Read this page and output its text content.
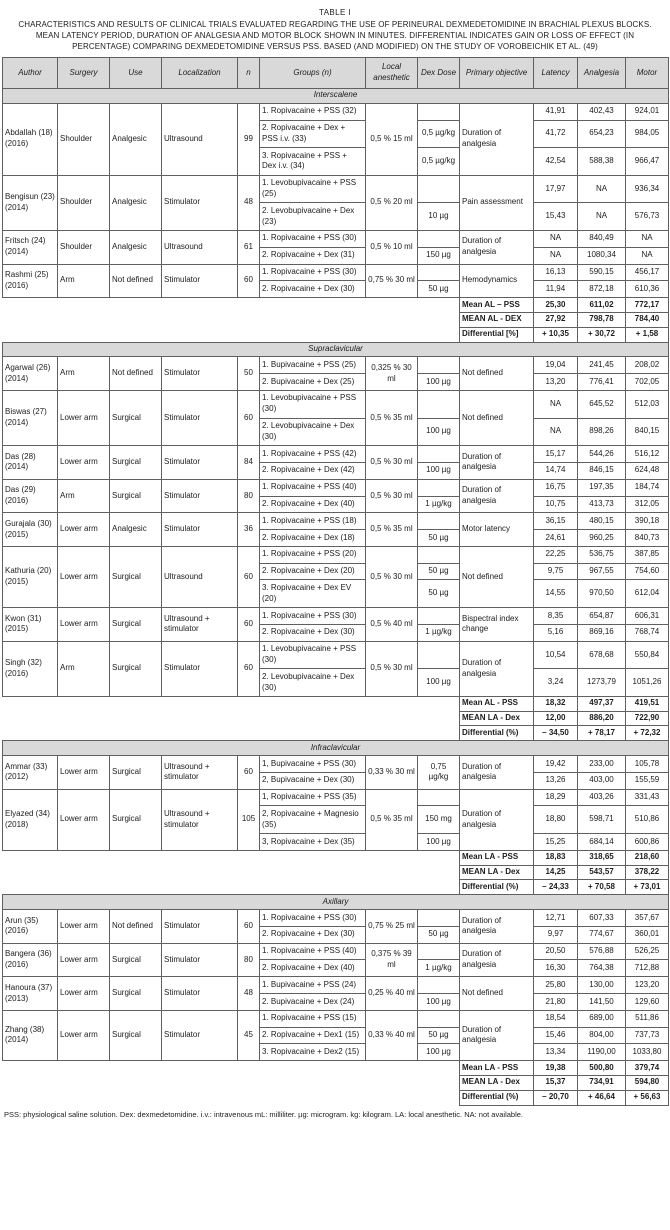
TABLE I
CHARACTERISTICS AND RESULTS OF CLINICAL TRIALS EVALUATED REGARDING THE USE OF PERINEURAL DEXMEDETOMIDINE IN BRACHIAL PLEXUS BLOCKS. MEAN LATENCY PERIOD, DURATION OF ANALGESIA AND MOTOR BLOCK SHOWN IN MINUTES. DIFFERENTIAL INDICATES GAIN OR LOSS OF EFFECT (IN PERCENTAGE) COMPARING DEXMEDETOMIDINE VERSUS PSS. BASED (AND MODIFIED) ON THE STUDY OF VOROBEICHIK ET AL. (49)
Author	Surgery	Use	Localization	n	Groups (n)	Local anesthetic	Dex Dose	Primary objective	Latency	Analgesia	Motor
Interscalene											
Abdallah (18) (2016)	Shoulder	Analgesic	Ultrasound	99	1. Ropivacaine + PSS (32)	0,5 % 15 ml		Duration of analgesia	41,91	402,43	924,01
					2. Ropivacaine + Dex + PSS i.v. (33)		0,5 µg/kg		41,72	654,23	984,05
					3. Ropivacaine + PSS + Dex i.v. (34)		0,5 µg/kg		42,54	588,38	966,47
Bengisun (23) (2014)	Shoulder	Analgesic	Stimulator	48	1. Levobupivacaine + PSS (25)	0,5 % 20 ml		Pain assessment	17,97	NA	936,34
					2. Levobupivacaine + Dex (23)		10 µg		15,43	NA	576,73
Fritsch (24) (2014)	Shoulder	Analgesic	Ultrasound	61	1. Ropivacaine + PSS (30)	0,5 % 10 ml		Duration of analgesia	NA	840,49	NA
					2. Ropivacaine + Dex (31)		150 µg		NA	1080,34	NA
Rashmi (25) (2016)	Arm	Not defined	Stimulator	60	1. Ropivacaine + PSS (30)	0,75 % 30 ml		Hemodynamics	16,13	590,15	456,17
					2. Ropivacaine + Dex (30)		50 µg		11,94	872,18	610,36
								Mean AL – PSS	25,30	611,02	772,17
								MEAN AL - DEX	27,92	798,78	784,40
								Differential [%]	+ 10,35	+ 30,72	+ 1,58
Supraclavicular											
Agarwal (26) (2014)	Arm	Not defined	Stimulator	50	1. Bupivacaine + PSS (25)	0,325 % 30 ml		Not defined	19,04	241,45	208,02
					2. Bupivacaine + Dex (25)		100 µg		13,20	776,41	702,05
Biswas (27) (2014)	Lower arm	Surgical	Stimulator	60	1. Levobupivacaine + PSS (30)	0,5 % 35 ml		Not defined	NA	645,52	512,03
					2. Levobupivacaine + Dex (30)		100 µg		NA	898,26	840,15
Das (28) (2014)	Lower arm	Surgical	Stimulator	84	1. Ropivacaine + PSS (42)	0,5 % 30 ml		Duration of analgesia	15,17	544,26	516,12
					2. Ropivacaine + Dex (42)		100 µg		14,74	846,15	624,48
Das (29) (2016)	Arm	Surgical	Stimulator	80	1. Ropivacaine + PSS (40)	0,5 % 30 ml		Duration of analgesia	16,75	197,35	184,74
					2. Ropivacaine + Dex (40)		1 µg/kg		10,75	413,73	312,05
Gurajala (30) (2015)	Lower arm	Analgesic	Stimulator	36	1. Ropivacaine + PSS (18)	0,5 % 35 ml		Motor latency	36,15	480,15	390,18
					2. Ropivacaine + Dex (18)		50 µg		24,61	960,25	840,73
Kathuria (20) (2015)	Lower arm	Surgical	Ultrasound	60	1. Ropivacaine + PSS (20)	0,5 % 30 ml		Not defined	22,25	536,75	387,85
					2. Ropivacaine + Dex (20)		50 µg		9,75	967,55	754,60
					3. Ropivacaine + Dex EV (20)		50 µg		14,55	970,50	612,04
Kwon (31) (2015)	Lower arm	Surgical	Ultrasound + stimulator	60	1. Ropivacaine + PSS (30)	0,5 % 40 ml		Bispectral index change	8,35	654,87	606,31
					2. Ropivacaine + Dex (30)		1 µg/kg		5,16	869,16	768,74
Singh (32) (2016)	Arm	Surgical	Stimulator	60	1. Levobupivacaine + PSS (30)	0,5 % 30 ml		Duration of analgesia	10,54	678,68	550,84
					2. Levobupivacaine + Dex (30)		100 µg		3,24	1273,79	1051,26
								Mean AL - PSS	18,32	497,37	419,51
								MEAN LA - Dex	12,00	886,20	722,90
								Differential (%)	– 34,50	+ 78,17	+ 72,32
Infraclavicular											
Ammar (33) (2012)	Lower arm	Surgical	Ultrasound + stimulator	60	1, Bupivacaine + PSS (30)	0,33 % 30 ml	0,75 µg/kg	Duration of analgesia	19,42	233,00	105,78
					2, Bupivacaine + Dex (30)				13,26	403,00	155,59
Elyazed (34) (2018)	Lower arm	Surgical	Ultrasound + stimulator	105	1, Ropivacaine + PSS (35)	0,5 % 35 ml		Duration of analgesia	18,29	403,26	331,43
					2, Ropivacaine + Magnesio (35)		150 mg		18,80	598,71	510,86
					3, Ropivacaine + Dex (35)		100 µg		15,25	684,14	600,86
								Mean LA - PSS	18,83	318,65	218,60
								MEAN LA - Dex	14,25	543,57	378,22
								Differential (%)	– 24,33	+ 70,58	+ 73,01
Axillary											
Arun (35) (2016)	Lower arm	Not defined	Stimulator	60	1. Ropivacaine + PSS (30)	0,75 % 25 ml		Duration of analgesia	12,71	607,33	357,67
					2. Ropivacaine + Dex (30)		50 µg		9,97	774,67	360,01
Bangera (36) (2016)	Lower arm	Surgical	Stimulator	80	1. Ropivacaine + PSS (40)	0,375 % 39 ml		Duration of analgesia	20,50	576,88	526,25
					2. Ropivacaine + Dex (40)		1 µg/kg		16,30	764,38	712,88
Hanoura (37) (2013)	Lower arm	Surgical	Stimulator	48	1. Bupivacaine + PSS (24)	0,25 % 40 ml		Not defined	25,80	130,00	123,20
					2. Bupivacaine + Dex (24)		100 µg		21,80	141,50	129,60
Zhang (38) (2014)	Lower arm	Surgical	Stimulator	45	1. Ropivacaine + PSS (15)	0,33 % 40 ml		Duration of analgesia	18,54	689,00	511,86
					2. Ropivacaine + Dex1 (15)		50 µg		15,46	804,00	737,73
					3. Ropivacaine + Dex2 (15)		100 µg		13,34	1190,00	1033,80
								Mean LA - PSS	19,38	500,80	379,74
								MEAN LA - Dex	15,37	734,91	594,80
								Differential (%)	– 20,70	+ 46,64	+ 56,63
PSS: physiological saline solution. Dex: dexmedetomidine. i.v.: intravenous mL: milliliter. µg: microgram. kg: kilogram. LA: local anesthetic. NA: not available.
